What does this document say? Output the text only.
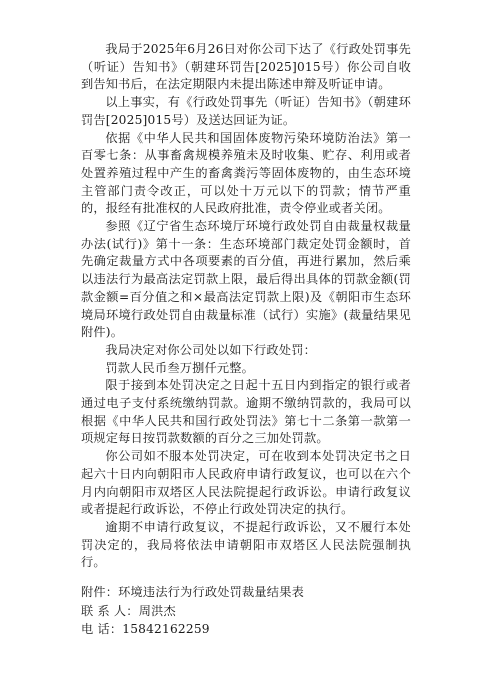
我局于2025年6月26日对你公司下达了《行政处罚事先（听证）告知书》（朝建环罚告[2025]015号）你公司自收到告知书后，在法定期限内未提出陈述申辩及听证申请。

以上事实，有《行政处罚事先（听证）告知书》（朝建环罚告[2025]015号）及送达回证为证。

依据《中华人民共和国固体废物污染环境防治法》第一百零七条：从事畜禽规模养殖未及时收集、贮存、利用或者处置养殖过程中产生的畜禽粪污等固体废物的，由生态环境主管部门责令改正，可以处十万元以下的罚款；情节严重的，报经有批准权的人民政府批准，责令停业或者关闭。

参照《辽宁省生态环境厅环境行政处罚自由裁量权裁量办法(试行)》第十一条：生态环境部门裁定处罚金额时，首先确定裁量方式中各项要素的百分值，再进行累加，然后乘以违法行为最高法定罚款上限，最后得出具体的罚款金额(罚款金额=百分值之和×最高法定罚款上限)及《朝阳市生态环境局环境行政处罚自由裁量标准（试行）实施》(裁量结果见附件)。

我局决定对你公司处以如下行政处罚：

罚款人民币叁万捌仟元整。

限于接到本处罚决定之日起十五日内到指定的银行或者通过电子支付系统缴纳罚款。逾期不缴纳罚款的，我局可以根据《中华人民共和国行政处罚法》第七十二条第一款第一项规定每日按罚款数额的百分之三加处罚款。

你公司如不服本处罚决定，可在收到本处罚决定书之日起六十日内向朝阳市人民政府申请行政复议，也可以在六个月内向朝阳市双塔区人民法院提起行政诉讼。申请行政复议或者提起行政诉讼，不停止行政处罚决定的执行。

逾期不申请行政复议，不提起行政诉讼，又不履行本处罚决定的，我局将依法申请朝阳市双塔区人民法院强制执行。

附件：环境违法行为行政处罚裁量结果表

联 系 人：周洪杰

电 话：15842162259
